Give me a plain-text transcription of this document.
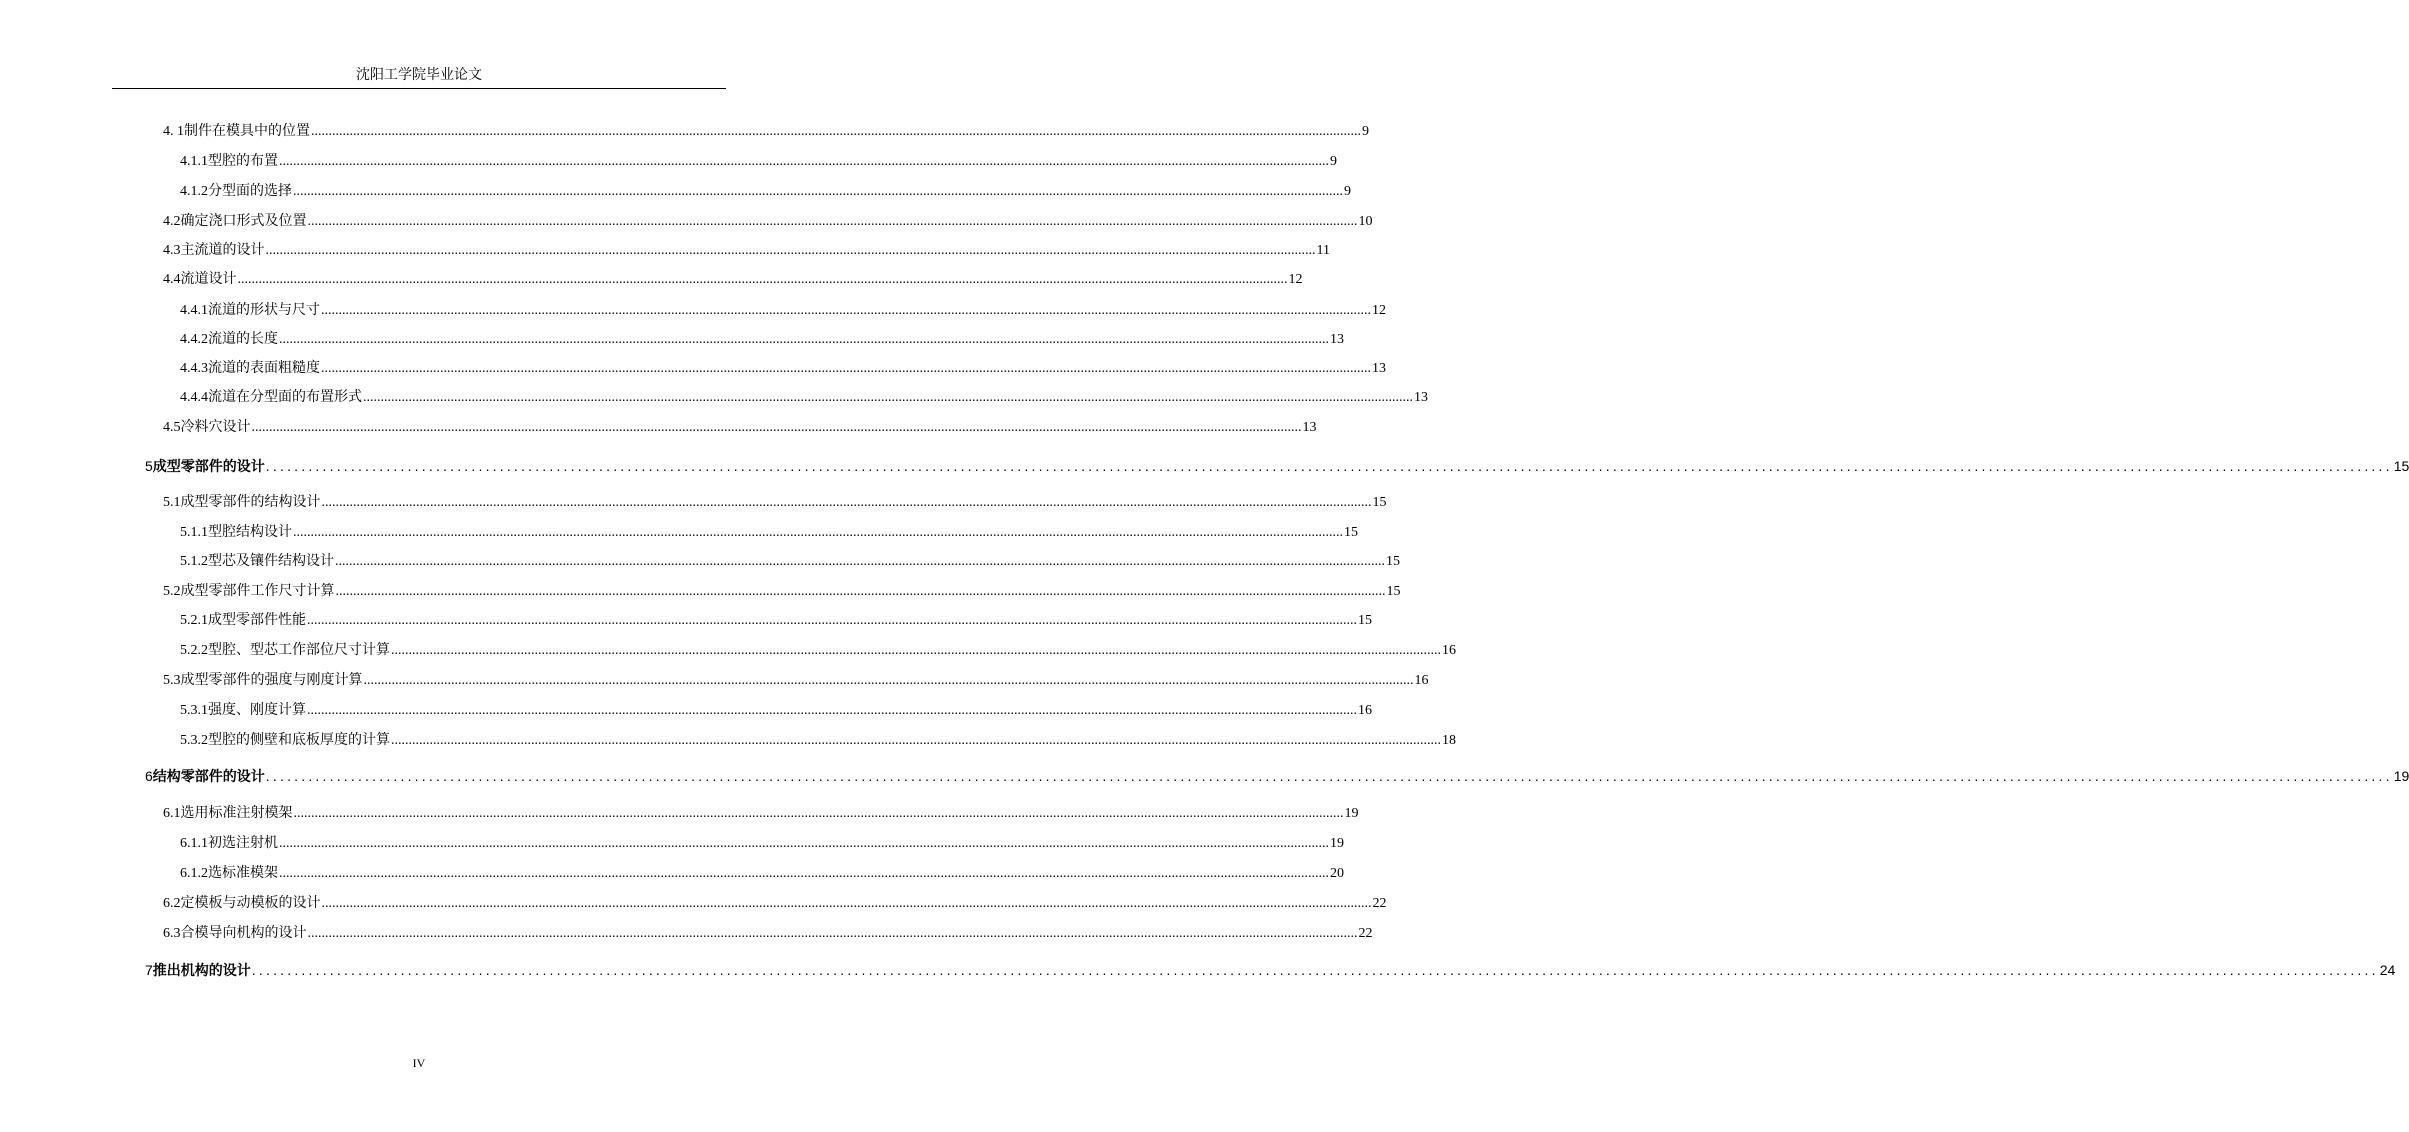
沈阳工学院毕业论文
4. 1 制件在模具中的位置 ............................................................................................................................................................................................................................................................................................................ 9
4.1.1 型腔的布置 ............................................................................................................................................................................................................................................................................................................ 9
4.1.2 分型面的选择 ............................................................................................................................................................................................................................................................................................................ 9
4.2 确定浇口形式及位置 ............................................................................................................................................................................................................................................................................................................ 10
4.3 主流道的设计 ............................................................................................................................................................................................................................................................................................................ 11
4.4 流道设计 ............................................................................................................................................................................................................................................................................................................ 12
4.4.1 流道的形状与尺寸 ............................................................................................................................................................................................................................................................................................................ 12
4.4.2 流道的长度 ............................................................................................................................................................................................................................................................................................................ 13
4.4.3 流道的表面粗糙度 ............................................................................................................................................................................................................................................................................................................ 13
4.4.4 流道在分型面的布置形式 ............................................................................................................................................................................................................................................................................................................ 13
4.5 冷料穴设计 ............................................................................................................................................................................................................................................................................................................ 13
5 成型零部件的设计 ............................................................................................................................................................................................................................................................................................................ 15
5.1 成型零部件的结构设计 ............................................................................................................................................................................................................................................................................................................ 15
5.1.1 型腔结构设计 ............................................................................................................................................................................................................................................................................................................ 15
5.1.2 型芯及镶件结构设计 ............................................................................................................................................................................................................................................................................................................ 15
5.2 成型零部件工作尺寸计算 ............................................................................................................................................................................................................................................................................................................ 15
5.2.1 成型零部件性能 ............................................................................................................................................................................................................................................................................................................ 15
5.2.2 型腔、型芯工作部位尺寸计算 ............................................................................................................................................................................................................................................................................................................ 16
5.3 成型零部件的强度与刚度计算 ............................................................................................................................................................................................................................................................................................................ 16
5.3.1 强度、刚度计算 ............................................................................................................................................................................................................................................................................................................ 16
5.3.2 型腔的侧壁和底板厚度的计算 ............................................................................................................................................................................................................................................................................................................ 18
6 结构零部件的设计 ............................................................................................................................................................................................................................................................................................................ 19
6.1 选用标准注射模架 ............................................................................................................................................................................................................................................................................................................ 19
6.1.1 初选注射机 ............................................................................................................................................................................................................................................................................................................ 19
6.1.2 选标准模架 ............................................................................................................................................................................................................................................................................................................ 20
6.2 定模板与动模板的设计 ............................................................................................................................................................................................................................................................................................................ 22
6.3 合模导向机构的设计 ............................................................................................................................................................................................................................................................................................................ 22
7 推出机构的设计 ............................................................................................................................................................................................................................................................................................................ 24
IV
